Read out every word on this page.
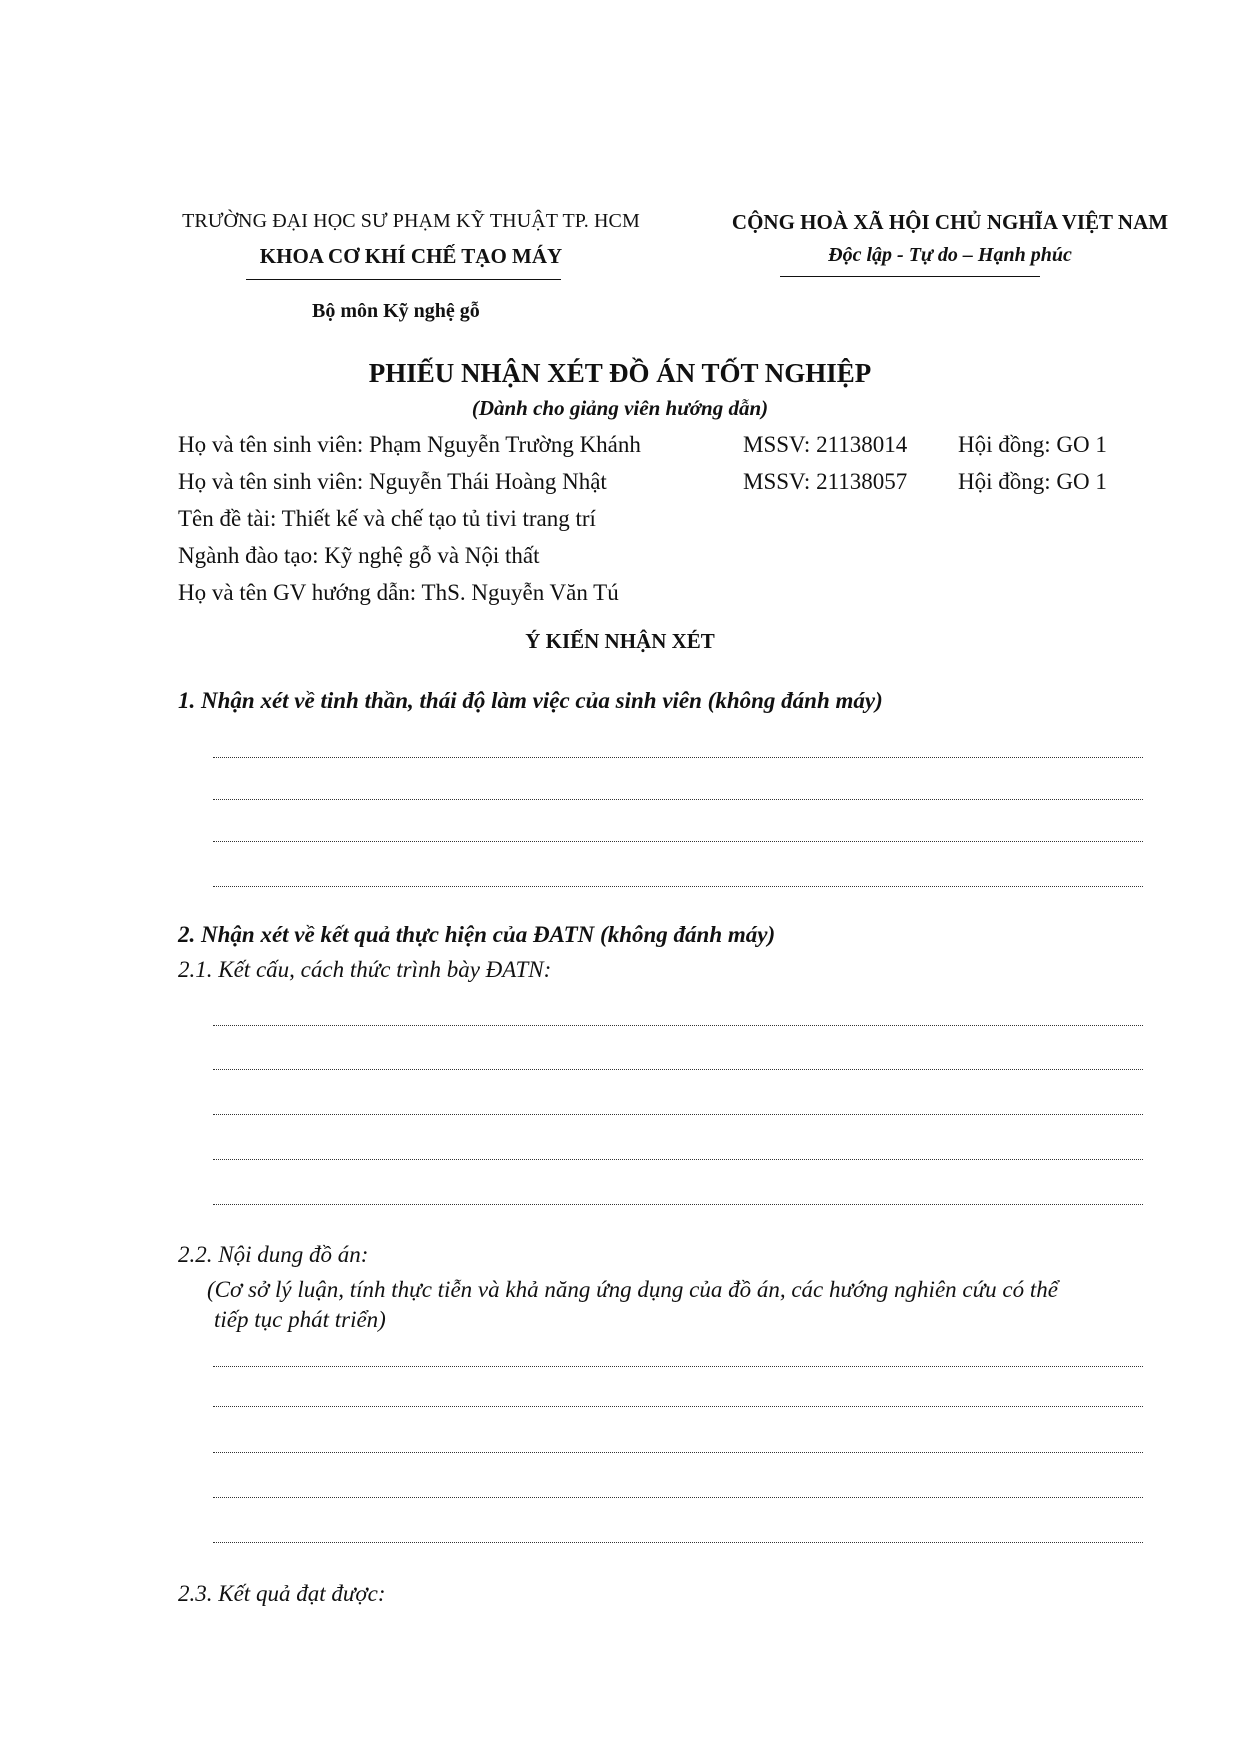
TRƯỜNG ĐẠI HỌC SƯ PHẠM KỸ THUẬT TP. HCM
KHOA CƠ KHÍ CHẾ TẠO MÁY
Bộ môn Kỹ nghệ gỗ
CỘNG HOÀ XÃ HỘI CHỦ NGHĨA VIỆT NAM
Độc lập - Tự do – Hạnh phúc
PHIẾU NHẬN XÉT ĐỒ ÁN TỐT NGHIỆP
(Dành cho giảng viên hướng dẫn)
Họ và tên sinh viên: Phạm Nguyễn Trường Khánh	MSSV: 21138014 Hội đồng: GO 1
Họ và tên sinh viên: Nguyễn Thái Hoàng Nhật	MSSV: 21138057 Hội đồng: GO 1
Tên đề tài: Thiết kế và chế tạo tủ tivi trang trí
Ngành đào tạo: Kỹ nghệ gỗ và Nội thất
Họ và tên GV hướng dẫn: ThS. Nguyễn Văn Tú
Ý KIẾN NHẬN XÉT
1. Nhận xét về tinh thần, thái độ làm việc của sinh viên (không đánh máy)
2. Nhận xét về kết quả thực hiện của ĐATN (không đánh máy)
2.1. Kết cấu, cách thức trình bày ĐATN:
2.2. Nội dung đồ án:
(Cơ sở lý luận, tính thực tiễn và khả năng ứng dụng của đồ án, các hướng nghiên cứu có thể
tiếp tục phát triển)
2.3. Kết quả đạt được:
